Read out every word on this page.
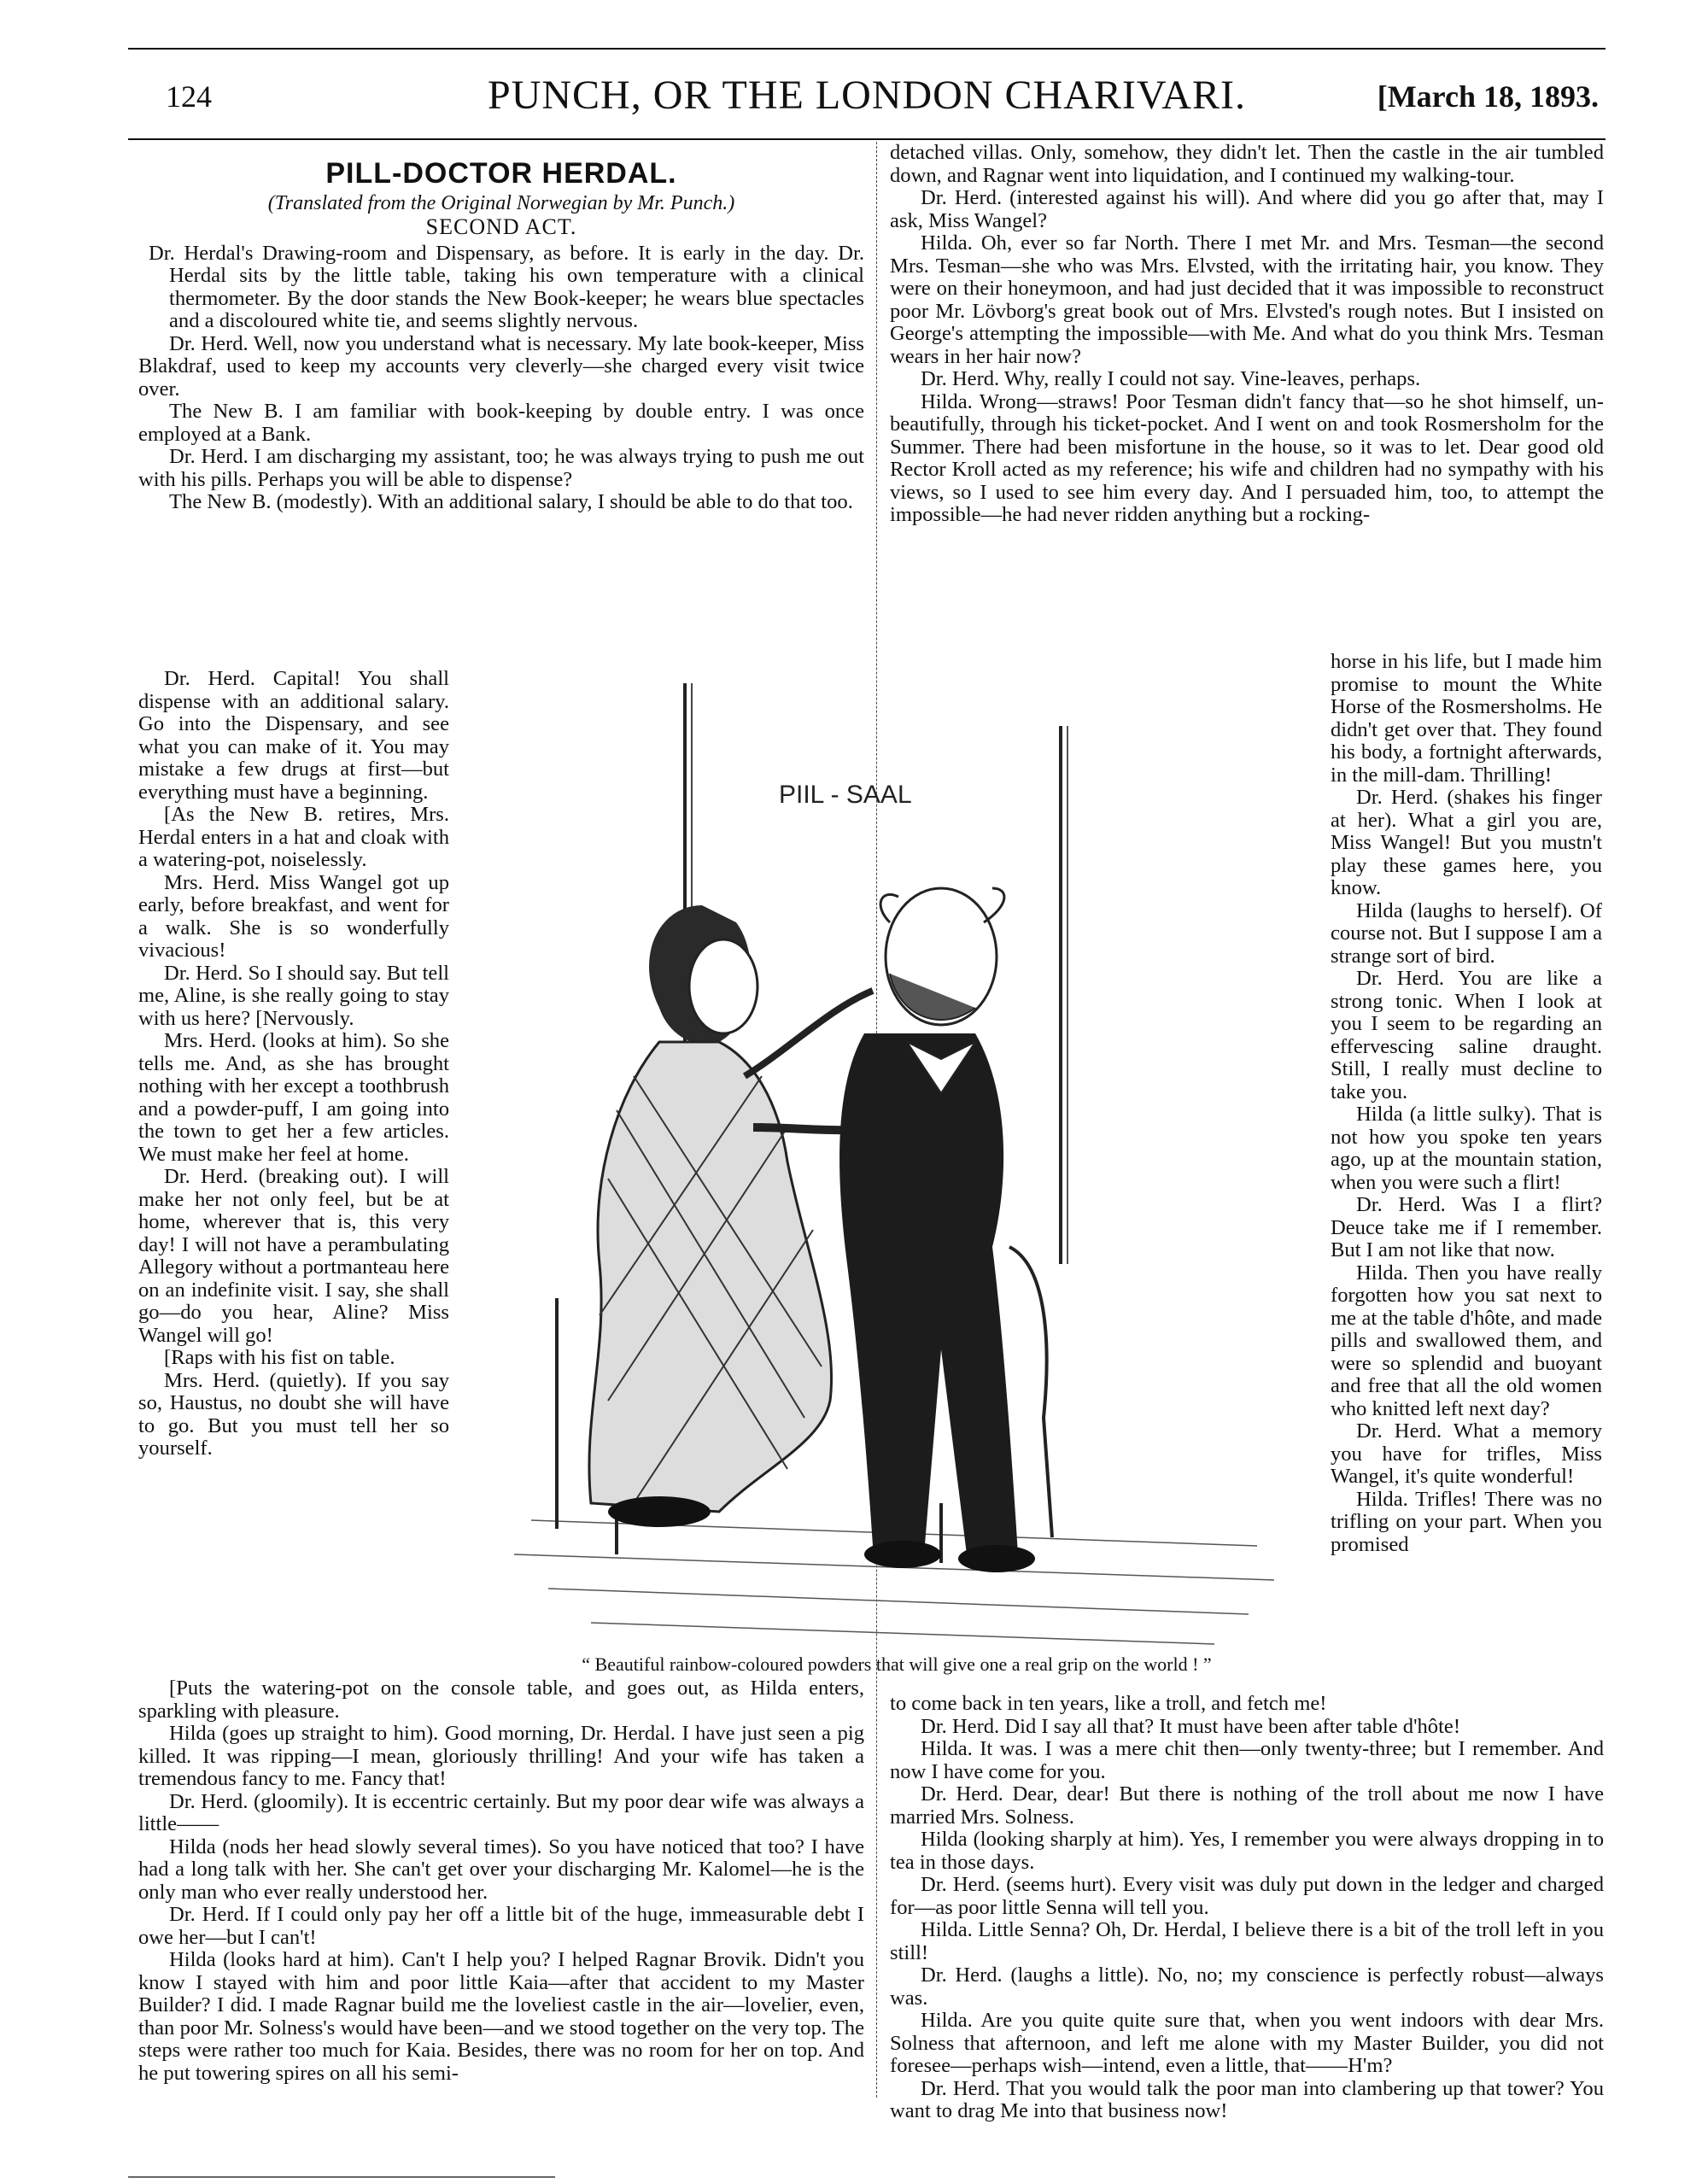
124	PUNCH, OR THE LONDON CHARIVARI.	[March 18, 1893.
PILL-DOCTOR HERDAL.
(Translated from the Original Norwegian by Mr. Punch.)
SECOND ACT.

Dr. Herdal's Drawing-room and Dispensary, as before. It is early in the day. Dr. Herdal sits by the little table, taking his own temperature with a clinical thermometer. By the door stands the New Book-keeper; he wears blue spectacles and a discoloured white tie, and seems slightly nervous.

Dr. Herd. Well, now you understand what is necessary. My late book-keeper, Miss Blakdraf, used to keep my accounts very cleverly—she charged every visit twice over.

The New B. I am familiar with book-keeping by double entry. I was once employed at a Bank.

Dr. Herd. I am discharging my assistant, too; he was always trying to push me out with his pills. Perhaps you will be able to dispense?

The New B. (modestly). With an additional salary, I should be able to do that too.

detached villas. Only, somehow, they didn't let. Then the castle in the air tumbled down, and Ragnar went into liquidation, and I continued my walking-tour.

Dr. Herd. (interested against his will). And where did you go after that, may I ask, Miss Wangel?

Hilda. Oh, ever so far North. There I met Mr. and Mrs. Tesman—the second Mrs. Tesman—she who was Mrs. Elvsted, with the irritating hair, you know. They were on their honeymoon, and had just decided that it was impossible to reconstruct poor Mr. Lövborg's great book out of Mrs. Elvsted's rough notes. But I insisted on George's attempting the impossible—with Me. And what do you think Mrs. Tesman wears in her hair now?

Dr. Herd. Why, really I could not say. Vine-leaves, perhaps.

Hilda. Wrong—straws! Poor Tesman didn't fancy that—so he shot himself, un-beautifully, through his ticket-pocket. And I went on and took Rosmersholm for the Summer. There had been misfortune in the house, so it was to let. Dear good old Rector Kroll acted as my reference; his wife and children had no sympathy with his views, so I used to see him every day. And I persuaded him, too, to attempt the impossible—he had never ridden anything but a rocking-

Dr. Herd. Capital! You shall dispense with an additional salary. Go into the Dispensary, and see what you can make of it. You may mistake a few drugs at first—but everything must have a beginning.

[As the New B. retires, Mrs. Herdal enters in a hat and cloak with a watering-pot, noiselessly.

Mrs. Herd. Miss Wangel got up early, before breakfast, and went for a walk. She is so wonderfully vivacious!

Dr. Herd. So I should say. But tell me, Aline, is she really going to stay with us here? [Nervously.

Mrs. Herd. (looks at him). So she tells me. And, as she has brought nothing with her except a toothbrush and a powder-puff, I am going into the town to get her a few articles. We must make her feel at home.

Dr. Herd. (breaking out). I will make her not only feel, but be at home, wherever that is, this very day! I will not have a perambulating Allegory without a portmanteau here on an indefinite visit. I say, she shall go—do you hear, Aline? Miss Wangel will go!

[Raps with his fist on table.

Mrs. Herd. (quietly). If you say so, Haustus, no doubt she will have to go. But you must tell her so yourself.

horse in his life, but I made him promise to mount the White Horse of the Rosmersholms. He didn't get over that. They found his body, a fortnight afterwards, in the mill-dam. Thrilling!

Dr. Herd. (shakes his finger at her). What a girl you are, Miss Wangel! But you mustn't play these games here, you know.

Hilda (laughs to herself). Of course not. But I suppose I am a strange sort of bird.

Dr. Herd. You are like a strong tonic. When I look at you I seem to be regarding an effervescing saline draught. Still, I really must decline to take you.

Hilda (a little sulky). That is not how you spoke ten years ago, up at the mountain station, when you were such a flirt!

Dr. Herd. Was I a flirt? Deuce take me if I remember. But I am not like that now.

Hilda. Then you have really forgotten how you sat next to me at the table d'hôte, and made pills and swallowed them, and were so splendid and buoyant and free that all the old women who knitted left next day?

Dr. Herd. What a memory you have for trifles, Miss Wangel, it's quite wonderful!

Hilda. Trifles! There was no trifling on your part. When you promised

PIIL - SAAL
“ Beautiful rainbow-coloured powders that will give one a real grip on the world ! ”

[Puts the watering-pot on the console table, and goes out, as Hilda enters, sparkling with pleasure.

Hilda (goes up straight to him). Good morning, Dr. Herdal. I have just seen a pig killed. It was ripping—I mean, gloriously thrilling! And your wife has taken a tremendous fancy to me. Fancy that!

Dr. Herd. (gloomily). It is eccentric certainly. But my poor dear wife was always a little——

Hilda (nods her head slowly several times). So you have noticed that too? I have had a long talk with her. She can't get over your discharging Mr. Kalomel—he is the only man who ever really understood her.

Dr. Herd. If I could only pay her off a little bit of the huge, immeasurable debt I owe her—but I can't!

Hilda (looks hard at him). Can't I help you? I helped Ragnar Brovik. Didn't you know I stayed with him and poor little Kaia—after that accident to my Master Builder? I did. I made Ragnar build me the loveliest castle in the air—lovelier, even, than poor Mr. Solness's would have been—and we stood together on the very top. The steps were rather too much for Kaia. Besides, there was no room for her on top. And he put towering spires on all his semi-

to come back in ten years, like a troll, and fetch me!

Dr. Herd. Did I say all that? It must have been after table d'hôte!

Hilda. It was. I was a mere chit then—only twenty-three; but I remember. And now I have come for you.

Dr. Herd. Dear, dear! But there is nothing of the troll about me now I have married Mrs. Solness.

Hilda (looking sharply at him). Yes, I remember you were always dropping in to tea in those days.

Dr. Herd. (seems hurt). Every visit was duly put down in the ledger and charged for—as poor little Senna will tell you.

Hilda. Little Senna? Oh, Dr. Herdal, I believe there is a bit of the troll left in you still!

Dr. Herd. (laughs a little). No, no; my conscience is perfectly robust—always was.

Hilda. Are you quite quite sure that, when you went indoors with dear Mrs. Solness that afternoon, and left me alone with my Master Builder, you did not foresee—perhaps wish—intend, even a little, that——H'm?

Dr. Herd. That you would talk the poor man into clambering up that tower? You want to drag Me into that business now!
